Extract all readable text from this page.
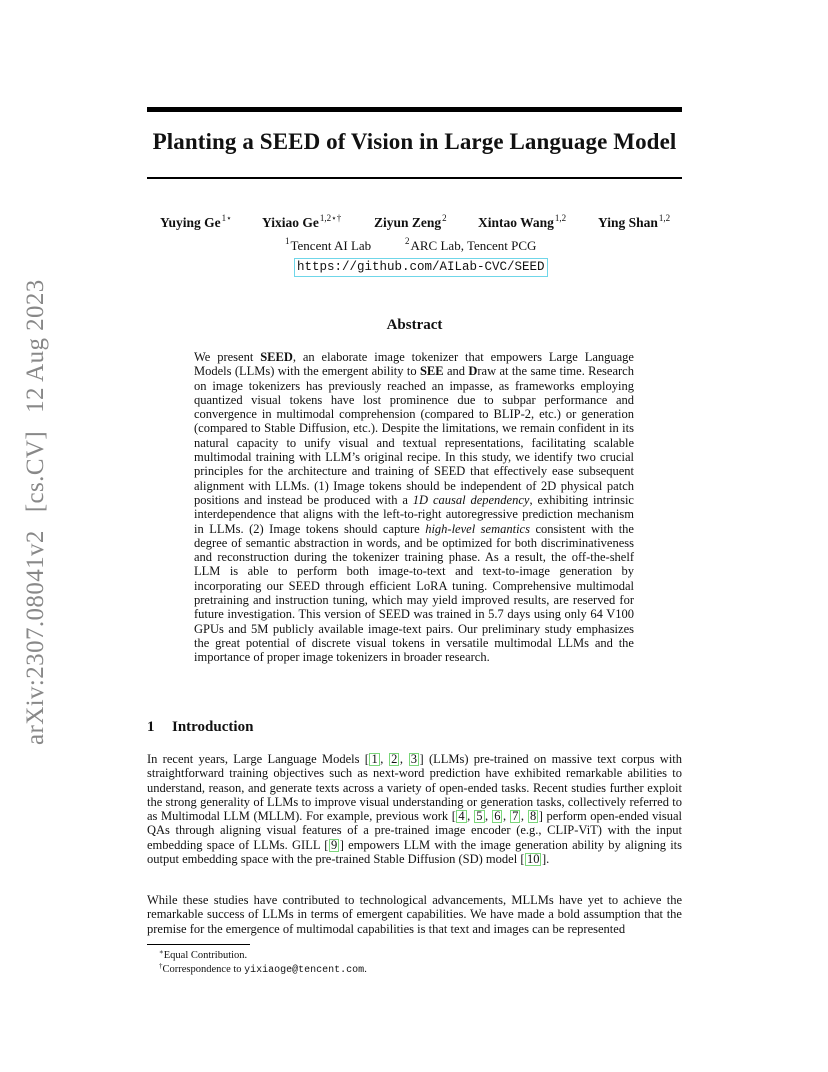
arXiv:2307.08041v2[cs.CV]12 Aug 2023
Planting a SEED of Vision in Large Language Model
Yuying $Ge^{1⋆}$ Yixiao $Ge^{1,2⋆\dagger}$ Ziyun Zeng$^2$ Xintao Wang$^{1,2}$ Ying Shan$^{1,2}$
$^1$Tencent AI Lab	$^2$ARC Lab, Tencent PCG
https://github.com/AILab-CVC/SEED
Abstract
We present SEED, an elaborate image tokenizer that empowers Large Language Models (LLMs) with the emergent ability to SEE and Draw at the same time. Research on image tokenizers has previously reached an impasse, as frameworks employing quantized visual tokens have lost prominence due to subpar performance and convergence in multimodal comprehension (compared to BLIP-2, etc.) or generation (compared to Stable Diffusion, etc.). Despite the limitations, we remain confident in its natural capacity to unify visual and textual representations, facilitating scalable multimodal training with LLM’s original recipe. In this study, we identify two crucial principles for the architecture and training of SEED that effectively ease subsequent alignment with LLMs. (1) Image tokens should be independent of 2D physical patch positions and instead be produced with a 1D causal dependency, exhibiting intrinsic interdependence that aligns with the left-to-right autoregressive prediction mechanism in LLMs. (2) Image tokens should capture high-level semantics consistent with the degree of semantic abstraction in words, and be optimized for both discriminativeness and reconstruction during the tokenizer training phase. As a result, the off-the-shelf LLM is able to perform both image-to-text and text-to-image generation by incorporating our SEED through efficient LoRA tuning. Comprehensive multimodal pretraining and instruction tuning, which may yield improved results, are reserved for future investigation. This version of SEED was trained in 5.7 days using only 64 V100 GPUs and 5M publicly available image-text pairs. Our preliminary study emphasizes the great potential of discrete visual tokens in versatile multimodal LLMs and the importance of proper image tokenizers in broader research.
1 Introduction
In recent years, Large Language Models [ 1 , 2 , 3 ] (LLMs) pre-trained on massive text corpus with straightforward training objectives such as next-word prediction have exhibited remarkable abilities to understand, reason, and generate texts across a variety of open-ended tasks. Recent studies further exploit the strong generality of LLMs to improve visual understanding or generation tasks, collectively referred to as Multimodal LLM (MLLM). For example, previous work [ 4 , 5 , 6 , 7 , 8 ] perform open-ended visual QAs through aligning visual features of a pre-trained image encoder (e.g., CLIP-ViT) with the input embedding space of LLMs. GILL [ 9 ] empowers LLM with the image generation ability by aligning its output embedding space with the pre-trained Stable Diffusion (SD) model [ 10 ].
While these studies have contributed to technological advancements, MLLMs have yet to achieve the remarkable success of LLMs in terms of emergent capabilities. We have made a bold assumption that the premise for the emergence of multimodal capabilities is that text and images can be represented
∗Equal Contribution.
†Correspondence to yixiaoge@tencent.com.
